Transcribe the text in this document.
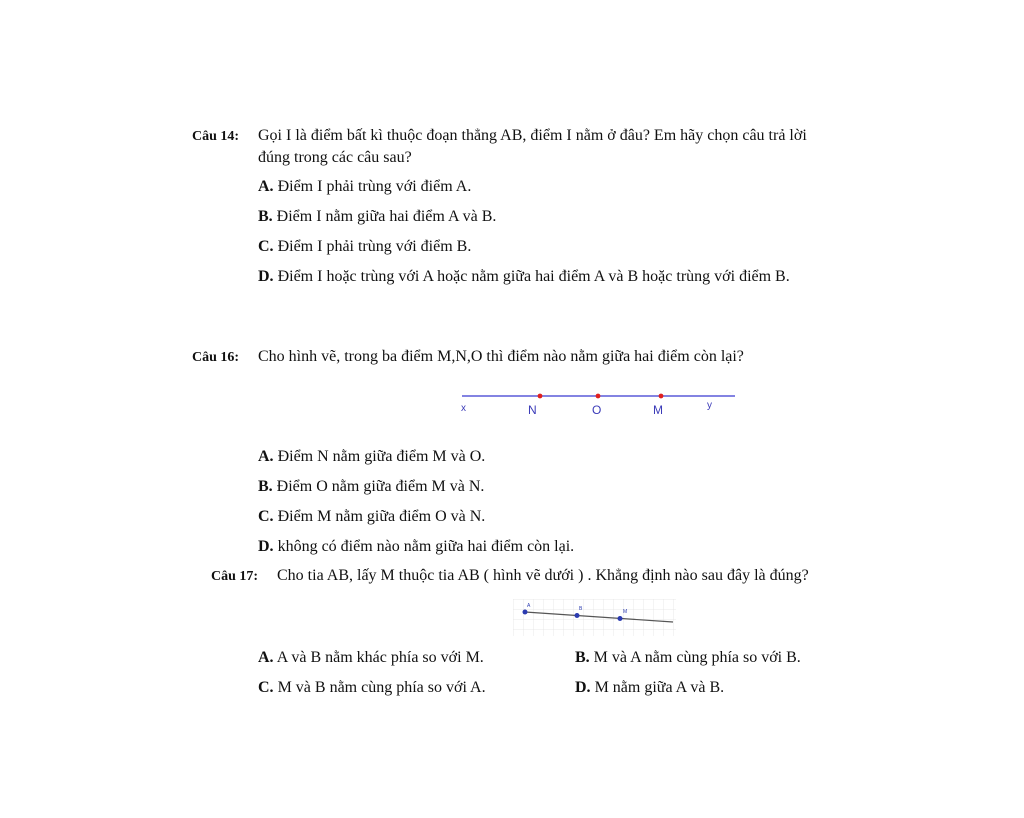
Câu 14: Gọi I là điểm bất kì thuộc đoạn thẳng AB, điểm I nằm ở đâu? Em hãy chọn câu trả lời
đúng trong các câu sau?
A. Điểm I phải trùng với điểm A.
B. Điểm I nằm giữa hai điểm A và B.
C. Điểm I phải trùng với điểm B.
D. Điểm I hoặc trùng với A hoặc nằm giữa hai điểm A và B hoặc trùng với điểm B.
Câu 16: Cho hình vẽ, trong ba điểm M,N,O thì điểm nào nằm giữa hai điểm còn lại?
x	N	O	M	y
A. Điểm N nằm giữa điểm M và O.
B. Điểm O nằm giữa điểm M và N.
C. Điểm M nằm giữa điểm O và N.
D. không có điểm nào nằm giữa hai điểm còn lại.
Câu 17: Cho tia AB, lấy M thuộc tia AB ( hình vẽ dưới ) . Khẳng định nào sau đây là đúng?
A	B	M
A. A và B nằm khác phía so với M.	B. M và A nằm cùng phía so với B.
C. M và B nằm cùng phía so với A.	D. M nằm giữa A và B.
